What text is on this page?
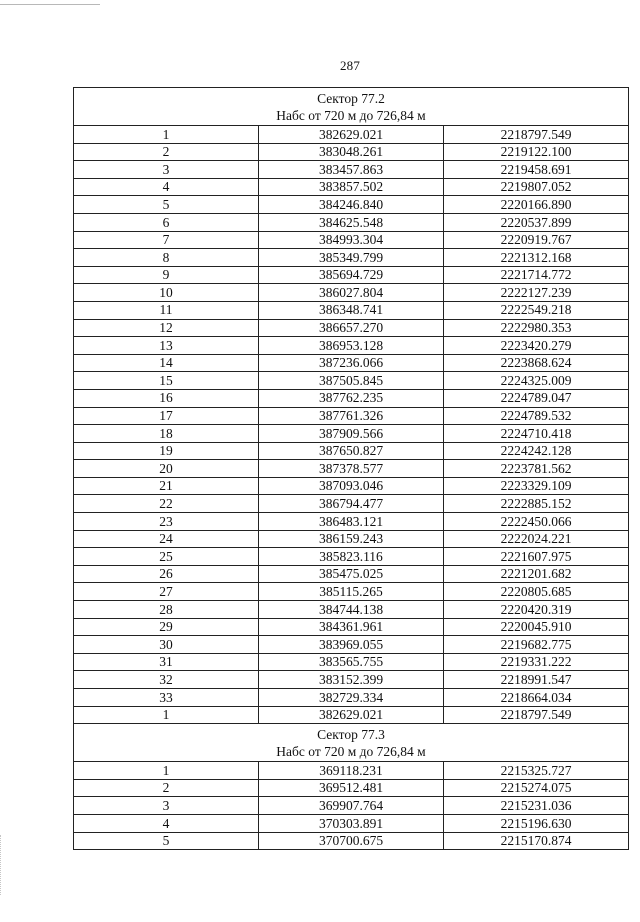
287
Сектор 77.2
Набс от 720 м до 726,84 м		

1	382629.021	2218797.549
2	383048.261	2219122.100
3	383457.863	2219458.691
4	383857.502	2219807.052
5	384246.840	2220166.890
6	384625.548	2220537.899
7	384993.304	2220919.767
8	385349.799	2221312.168
9	385694.729	2221714.772
10	386027.804	2222127.239
11	386348.741	2222549.218
12	386657.270	2222980.353
13	386953.128	2223420.279
14	387236.066	2223868.624
15	387505.845	2224325.009
16	387762.235	2224789.047
17	387761.326	2224789.532
18	387909.566	2224710.418
19	387650.827	2224242.128
20	387378.577	2223781.562
21	387093.046	2223329.109
22	386794.477	2222885.152
23	386483.121	2222450.066
24	386159.243	2222024.221
25	385823.116	2221607.975
26	385475.025	2221201.682
27	385115.265	2220805.685
28	384744.138	2220420.319
29	384361.961	2220045.910
30	383969.055	2219682.775
31	383565.755	2219331.222
32	383152.399	2218991.547
33	382729.334	2218664.034
1	382629.021	2218797.549

Сектор 77.3
Набс от 720 м до 726,84 м		

1	369118.231	2215325.727
2	369512.481	2215274.075
3	369907.764	2215231.036
4	370303.891	2215196.630
5	370700.675	2215170.874
